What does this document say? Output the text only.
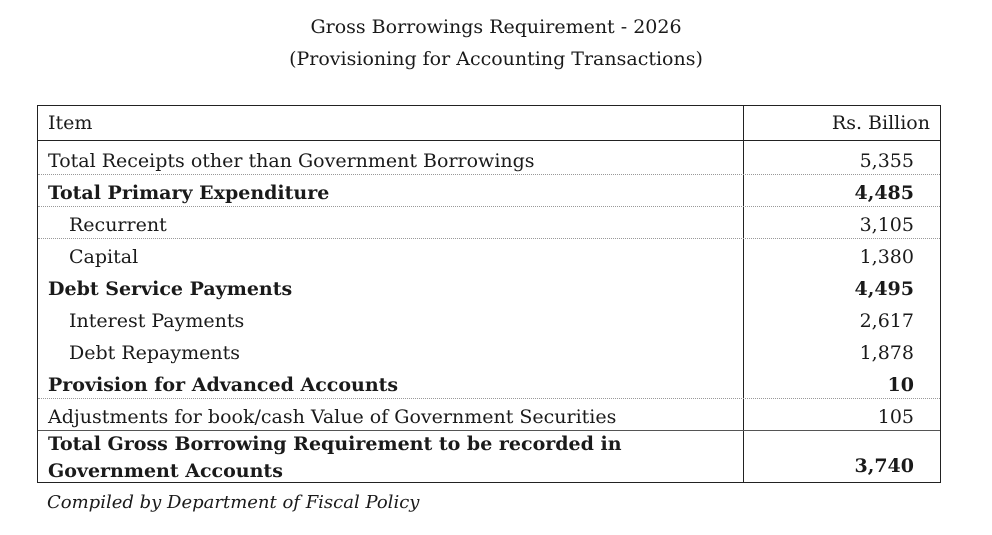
Gross Borrowings Requirement - 2026
(Provisioning for Accounting Transactions)
Item	Rs. Billion
Total Receipts other than Government Borrowings	5,355
Total Primary Expenditure	4,485
Recurrent	3,105
Capital	1,380
Debt Service Payments	4,495
Interest Payments	2,617
Debt Repayments	1,878
Provision for Advanced Accounts	10
Adjustments for book/cash Value of Government Securities	105
Total Gross Borrowing Requirement to be recorded in
Government Accounts	3,740
Compiled by Department of Fiscal Policy
